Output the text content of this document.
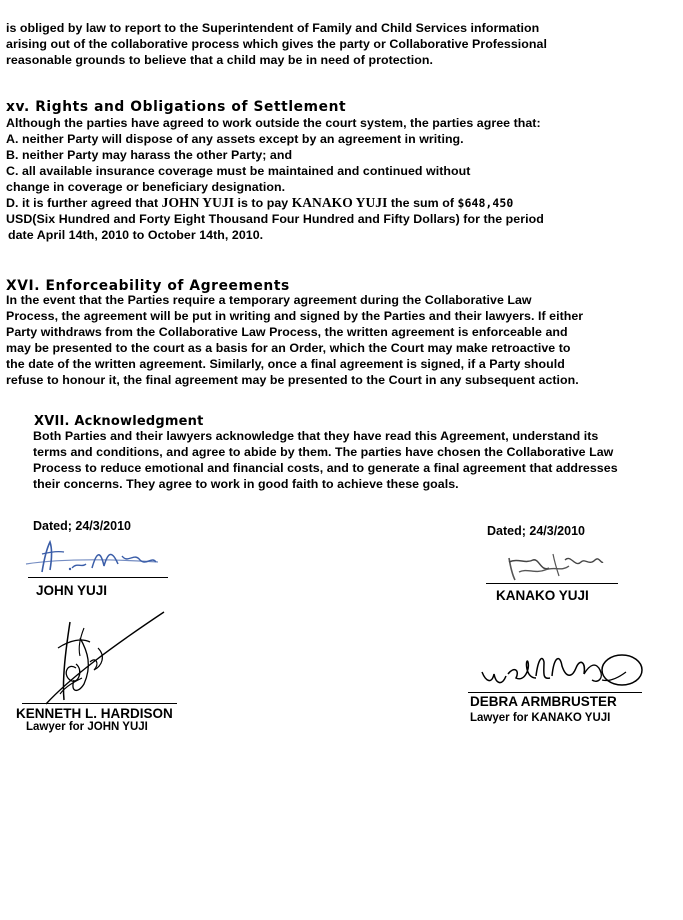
is obliged by law to report to the Superintendent of Family and Child Services information
arising out of the collaborative process which gives the party or Collaborative Professional
reasonable grounds to believe that a child may be in need of protection.
xv. Rights and Obligations of Settlement
Although the parties have agreed to work outside the court system, the parties agree that:
A. neither Party will dispose of any assets except by an agreement in writing.
B. neither Party may harass the other Party; and
C. all available insurance coverage must be maintained and continued without
change in coverage or beneficiary designation.
D. it is further agreed that JOHN YUJI is to pay KANAKO YUJI the sum of $648,450
USD(Six Hundred and Forty Eight Thousand Four Hundred and Fifty Dollars) for the period
date April 14th, 2010 to October 14th, 2010.
XVI. Enforceability of Agreements
In the event that the Parties require a temporary agreement during the Collaborative Law
Process, the agreement will be put in writing and signed by the Parties and their lawyers. If either
Party withdraws from the Collaborative Law Process, the written agreement is enforceable and
may be presented to the court as a basis for an Order, which the Court may make retroactive to
the date of the written agreement. Similarly, once a final agreement is signed, if a Party should
refuse to honour it, the final agreement may be presented to the Court in any subsequent action.
XVII. Acknowledgment
Both Parties and their lawyers acknowledge that they have read this Agreement, understand its
terms and conditions, and agree to abide by them. The parties have chosen the Collaborative Law
Process to reduce emotional and financial costs, and to generate a final agreement that addresses
their concerns. They agree to work in good faith to achieve these goals.
Dated; 24/3/2010
JOHN YUJI
Dated; 24/3/2010
KANAKO YUJI
KENNETH L. HARDISON
Lawyer for JOHN YUJI
DEBRA ARMBRUSTER
Lawyer for KANAKO YUJI
